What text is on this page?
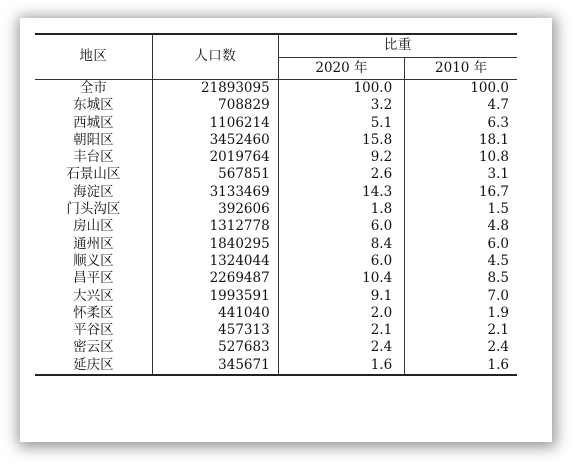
地区	人口数	比重	
		2020 年	2010 年
全市	21893095	100.0	100.0
东城区	708829	3.2	4.7
西城区	1106214	5.1	6.3
朝阳区	3452460	15.8	18.1
丰台区	2019764	9.2	10.8
石景山区	567851	2.6	3.1
海淀区	3133469	14.3	16.7
门头沟区	392606	1.8	1.5
房山区	1312778	6.0	4.8
通州区	1840295	8.4	6.0
顺义区	1324044	6.0	4.5
昌平区	2269487	10.4	8.5
大兴区	1993591	9.1	7.0
怀柔区	441040	2.0	1.9
平谷区	457313	2.1	2.1
密云区	527683	2.4	2.4
延庆区	345671	1.6	1.6
